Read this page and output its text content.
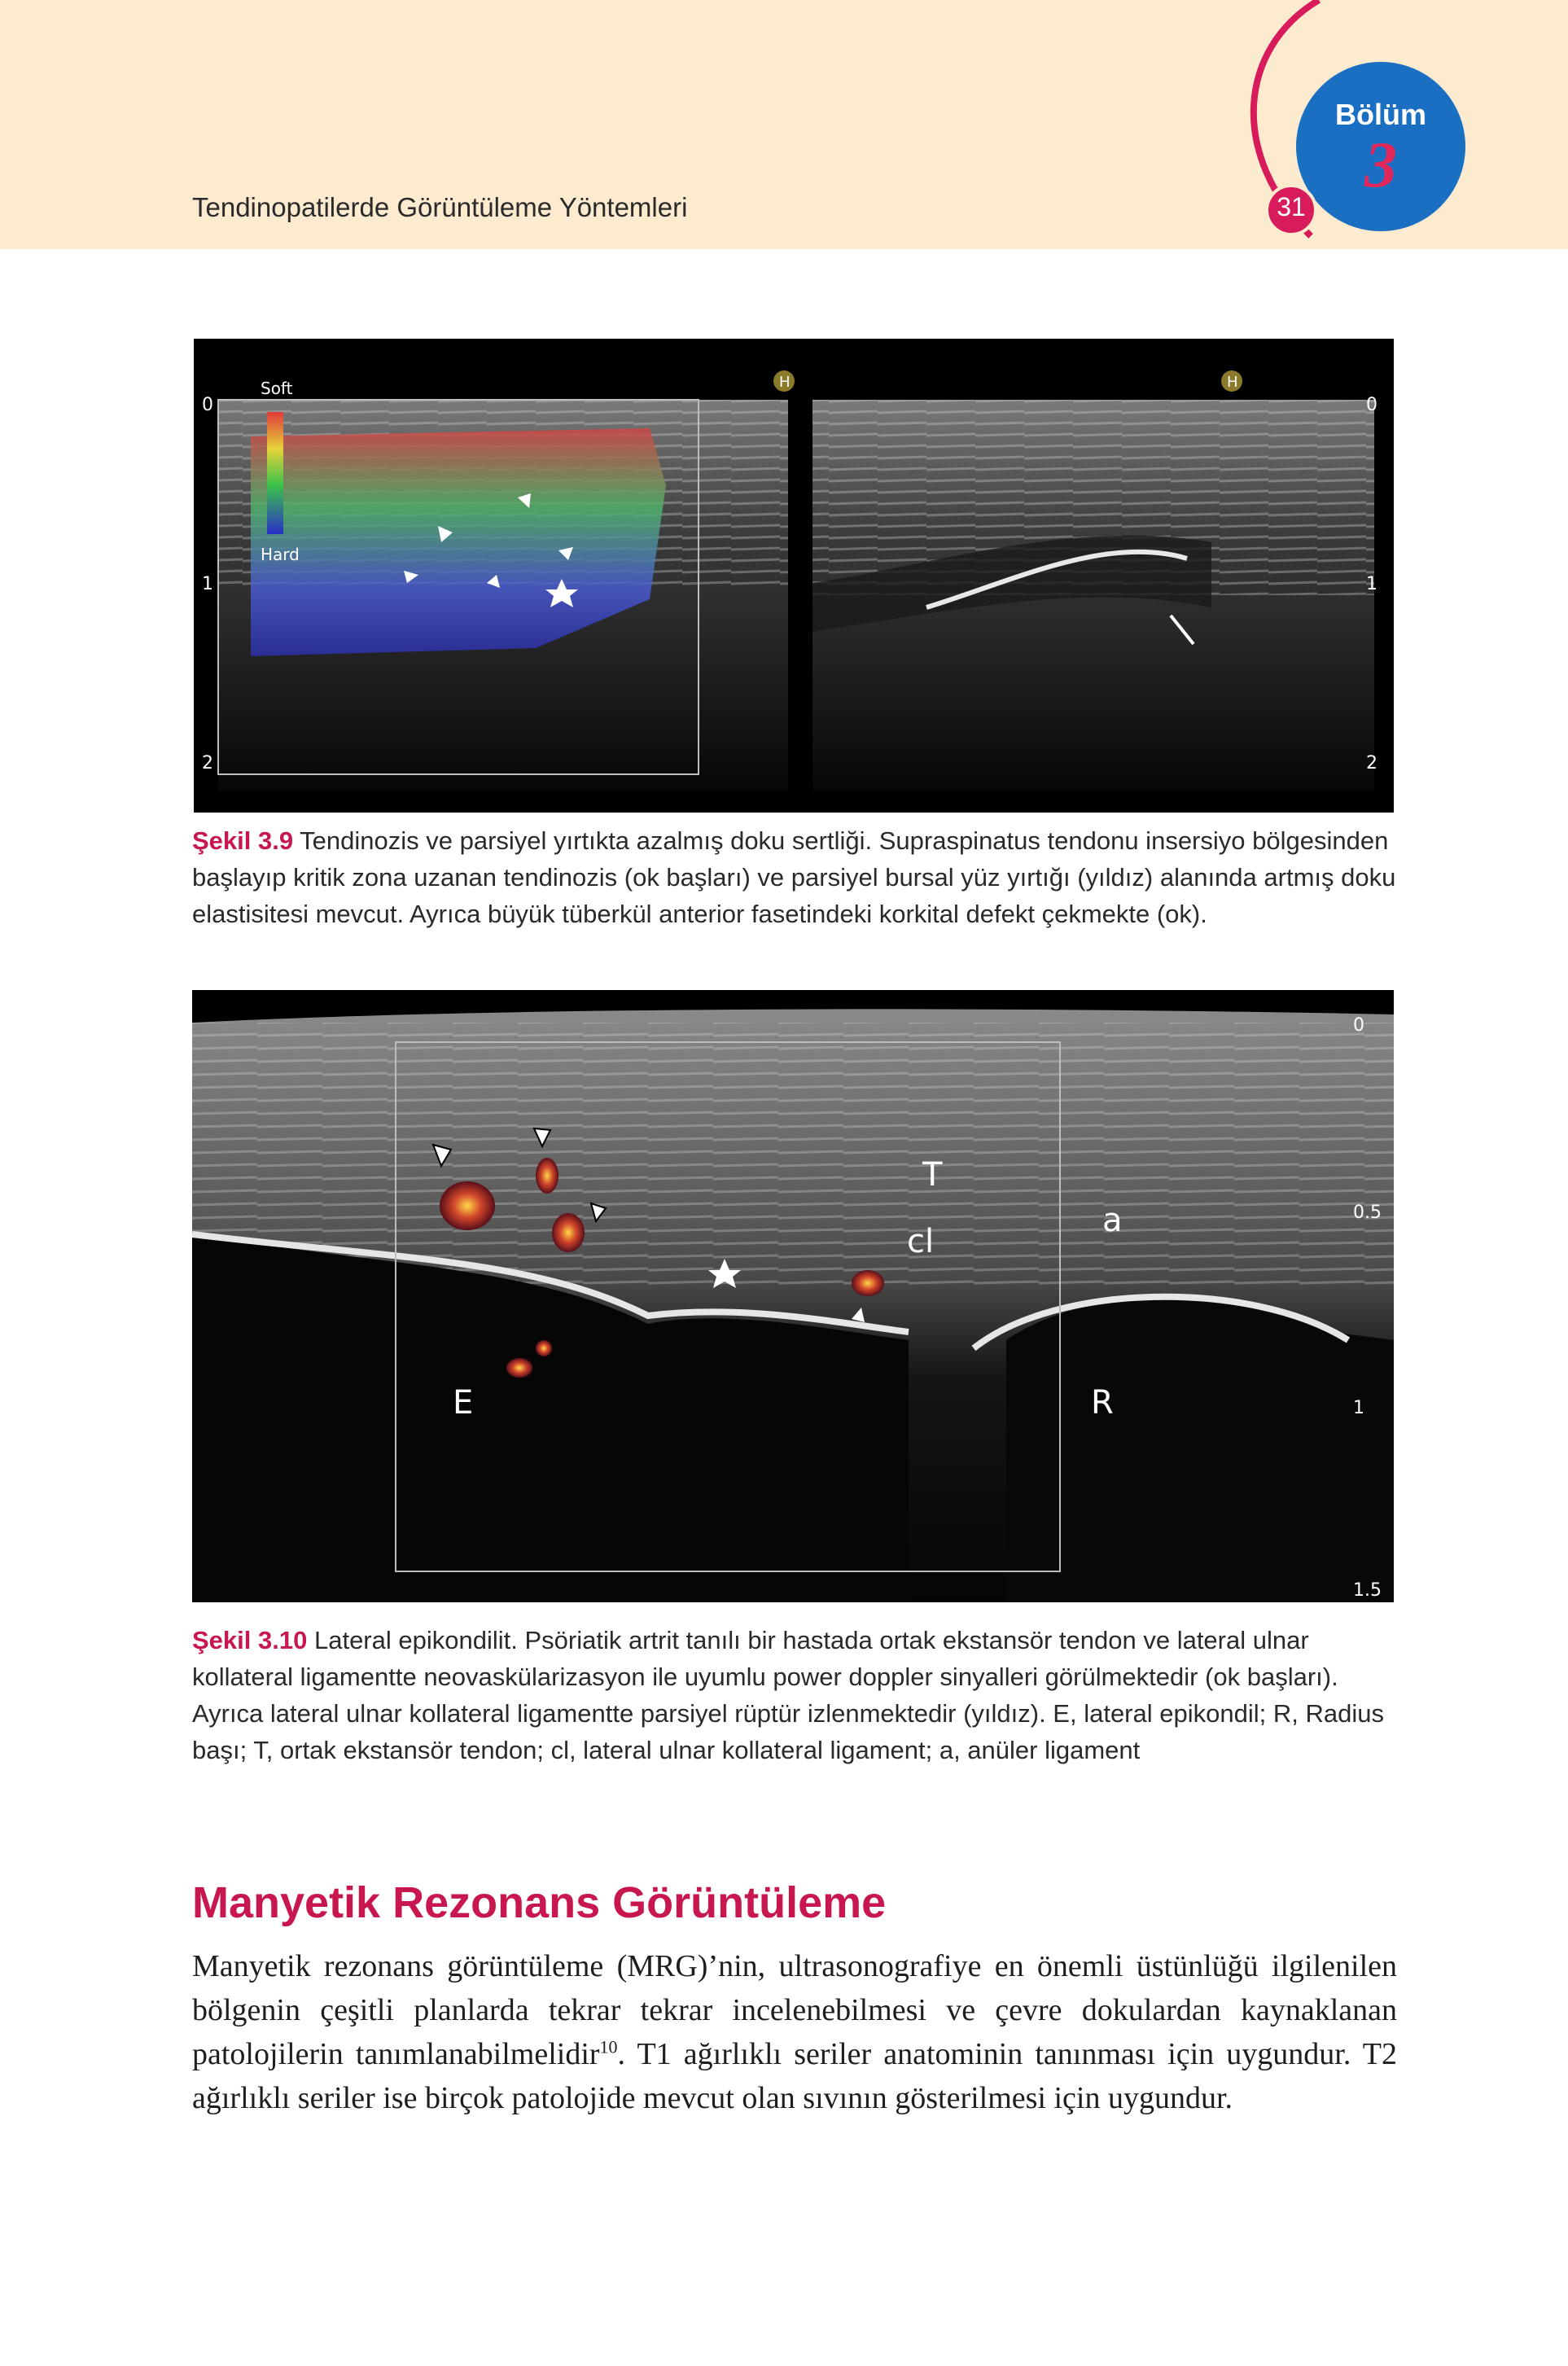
Tendinopatilerde Görüntüleme Yöntemleri
Bölüm
3
31
Soft
Hard
H	H
0
1
2
0
1
2
Şekil 3.9 Tendinozis ve parsiyel yırtıkta azalmış doku sertliği. Supraspinatus tendonu insersiyo bölgesinden başlayıp kritik zona uzanan tendinozis (ok başları) ve parsiyel bursal yüz yırtığı (yıldız) alanında artmış doku elastisitesi mevcut. Ayrıca büyük tüberkül anterior fasetindeki korkital defekt çekmekte (ok).
T
cl
a
E	R
0
0.5
1
1.5
Şekil 3.10 Lateral epikondilit. Psöriatik artrit tanılı bir hastada ortak ekstansör tendon ve lateral ulnar kollateral ligamentte neovaskülarizasyon ile uyumlu power doppler sinyalleri görülmektedir (ok başları). Ayrıca lateral ulnar kollateral ligamentte parsiyel rüptür izlenmektedir (yıldız). E, lateral epikondil; R, Radius başı; T, ortak ekstansör tendon; cl, lateral ulnar kollateral ligament; a, anüler ligament
Manyetik Rezonans Görüntüleme
Manyetik rezonans görüntüleme (MRG)’nin, ultrasonografiye en önemli üstünlüğü ilgilenilen bölgenin çeşitli planlarda tekrar tekrar incelenebilmesi ve çevre dokulardan kaynaklanan patolojilerin tanımlanabilmelidir$^{10}$. T1 ağırlıklı seriler anatominin tanınması için uygundur. T2 ağırlıklı seriler ise birçok patolojide mevcut olan sıvının gösterilmesi için uygundur.
